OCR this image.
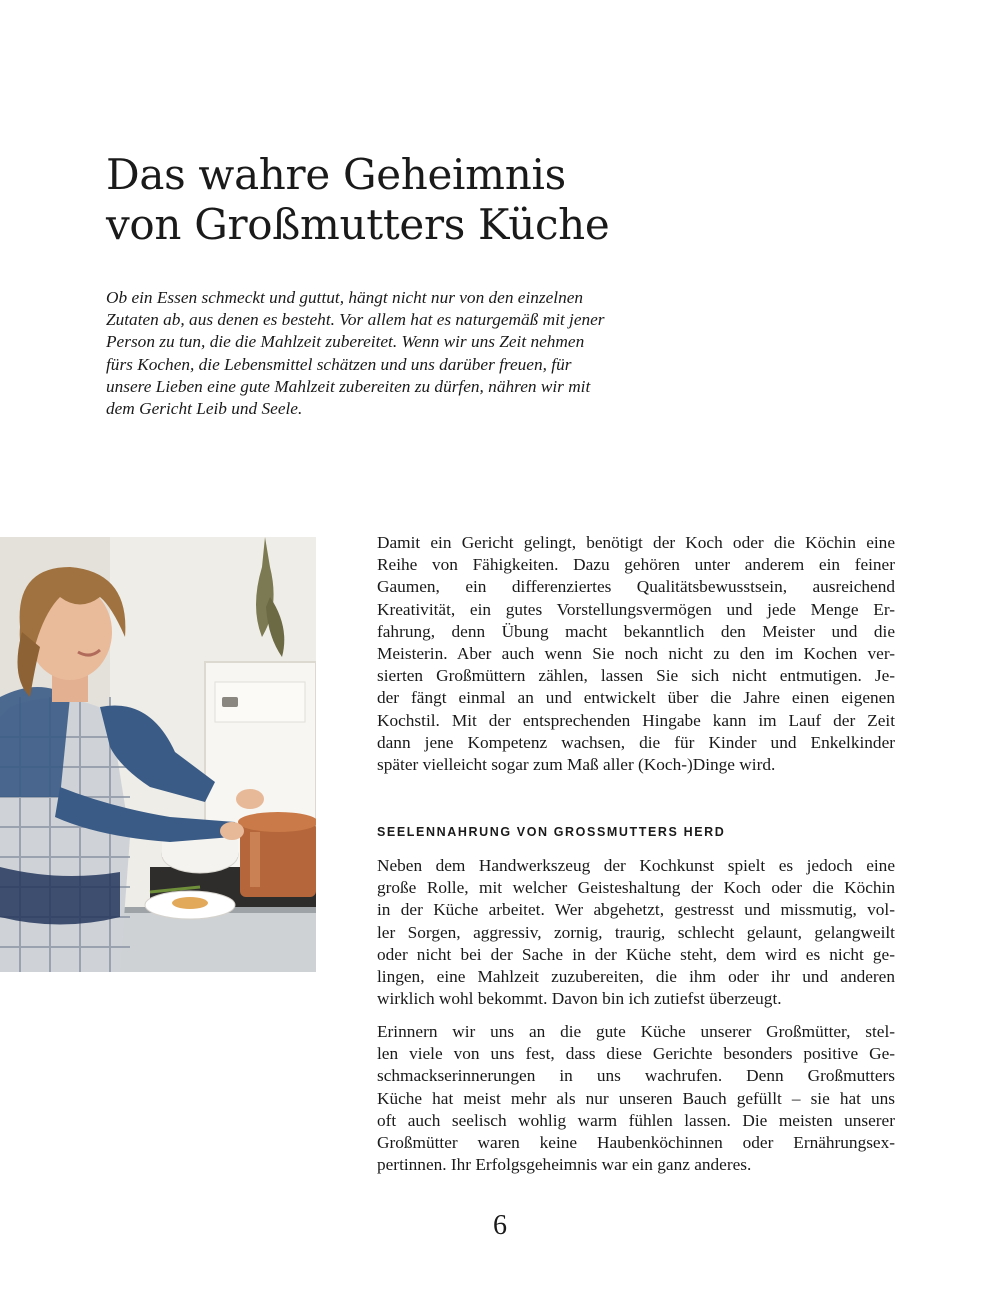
Das wahre Geheimnis
von Großmutters Küche

Ob ein Essen schmeckt und guttut, hängt nicht nur von den einzelnen
Zutaten ab, aus denen es besteht. Vor allem hat es naturgemäß mit jener
Person zu tun, die die Mahlzeit zubereitet. Wenn wir uns Zeit nehmen
fürs Kochen, die Lebensmittel schätzen und uns darüber freuen, für
unsere Lieben eine gute Mahlzeit zubereiten zu dürfen, nähren wir mit
dem Gericht Leib und Seele.

Damit ein Gericht gelingt, benötigt der Koch oder die Köchin eine
Reihe von Fähigkeiten. Dazu gehören unter anderem ein feiner
Gaumen, ein differenziertes Qualitätsbewusstsein, ausreichend
Kreativität, ein gutes Vorstellungsvermögen und jede Menge Er-
fahrung, denn Übung macht bekanntlich den Meister und die
Meisterin. Aber auch wenn Sie noch nicht zu den im Kochen ver-
sierten Großmüttern zählen, lassen Sie sich nicht entmutigen. Je-
der fängt einmal an und entwickelt über die Jahre einen eigenen
Kochstil. Mit der entsprechenden Hingabe kann im Lauf der Zeit
dann jene Kompetenz wachsen, die für Kinder und Enkelkinder
später vielleicht sogar zum Maß aller (Koch-)Dinge wird.

SEELENNAHRUNG VON GROSSMUTTERS HERD

Neben dem Handwerkszeug der Kochkunst spielt es jedoch eine
große Rolle, mit welcher Geisteshaltung der Koch oder die Köchin
in der Küche arbeitet. Wer abgehetzt, gestresst und missmutig, vol-
ler Sorgen, aggressiv, zornig, traurig, schlecht gelaunt, gelangweilt
oder nicht bei der Sache in der Küche steht, dem wird es nicht ge-
lingen, eine Mahlzeit zuzubereiten, die ihm oder ihr und anderen
wirklich wohl bekommt. Davon bin ich zutiefst überzeugt.

Erinnern wir uns an die gute Küche unserer Großmütter, stel-
len viele von uns fest, dass diese Gerichte besonders positive Ge-
schmackserinnerungen in uns wachrufen. Denn Großmutters
Küche hat meist mehr als nur unseren Bauch gefüllt – sie hat uns
oft auch seelisch wohlig warm fühlen lassen. Die meisten unserer
Großmütter waren keine Haubenköchinnen oder Ernährungsex-
pertinnen. Ihr Erfolgsgeheimnis war ein ganz anderes.

6
